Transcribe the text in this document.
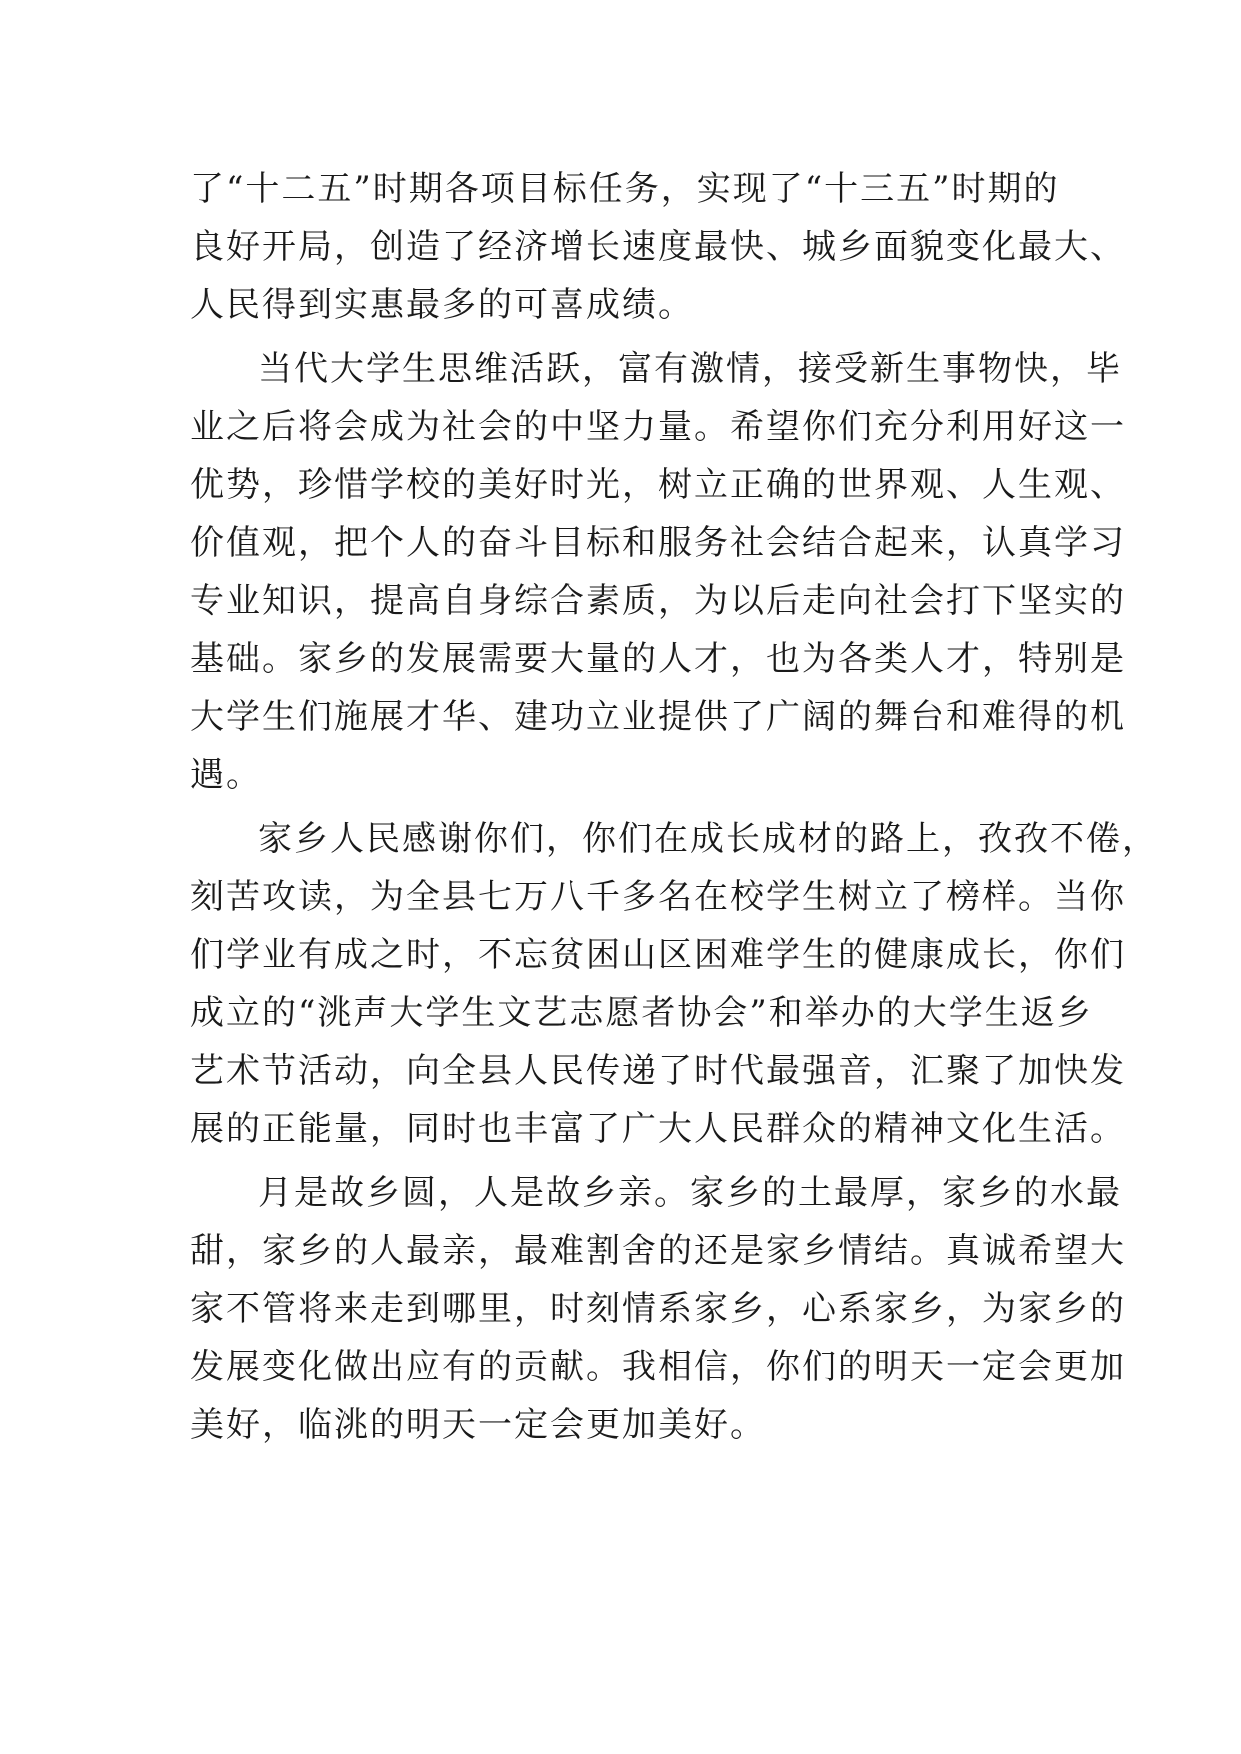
了“十二五”时期各项目标任务，实现了“十三五”时期的
良好开局，创造了经济增长速度最快、城乡面貌变化最大、
人民得到实惠最多的可喜成绩。
当代大学生思维活跃，富有激情，接受新生事物快，毕
业之后将会成为社会的中坚力量。希望你们充分利用好这一
优势，珍惜学校的美好时光，树立正确的世界观、人生观、
价值观，把个人的奋斗目标和服务社会结合起来，认真学习
专业知识，提高自身综合素质，为以后走向社会打下坚实的
基础。家乡的发展需要大量的人才，也为各类人才，特别是
大学生们施展才华、建功立业提供了广阔的舞台和难得的机
遇。
家乡人民感谢你们，你们在成长成材的路上，孜孜不倦，
刻苦攻读，为全县七万八千多名在校学生树立了榜样。当你
们学业有成之时，不忘贫困山区困难学生的健康成长，你们
成立的“洮声大学生文艺志愿者协会”和举办的大学生返乡
艺术节活动，向全县人民传递了时代最强音，汇聚了加快发
展的正能量，同时也丰富了广大人民群众的精神文化生活。
月是故乡圆，人是故乡亲。家乡的土最厚，家乡的水最
甜，家乡的人最亲，最难割舍的还是家乡情结。真诚希望大
家不管将来走到哪里，时刻情系家乡，心系家乡，为家乡的
发展变化做出应有的贡献。我相信，你们的明天一定会更加
美好，临洮的明天一定会更加美好。
